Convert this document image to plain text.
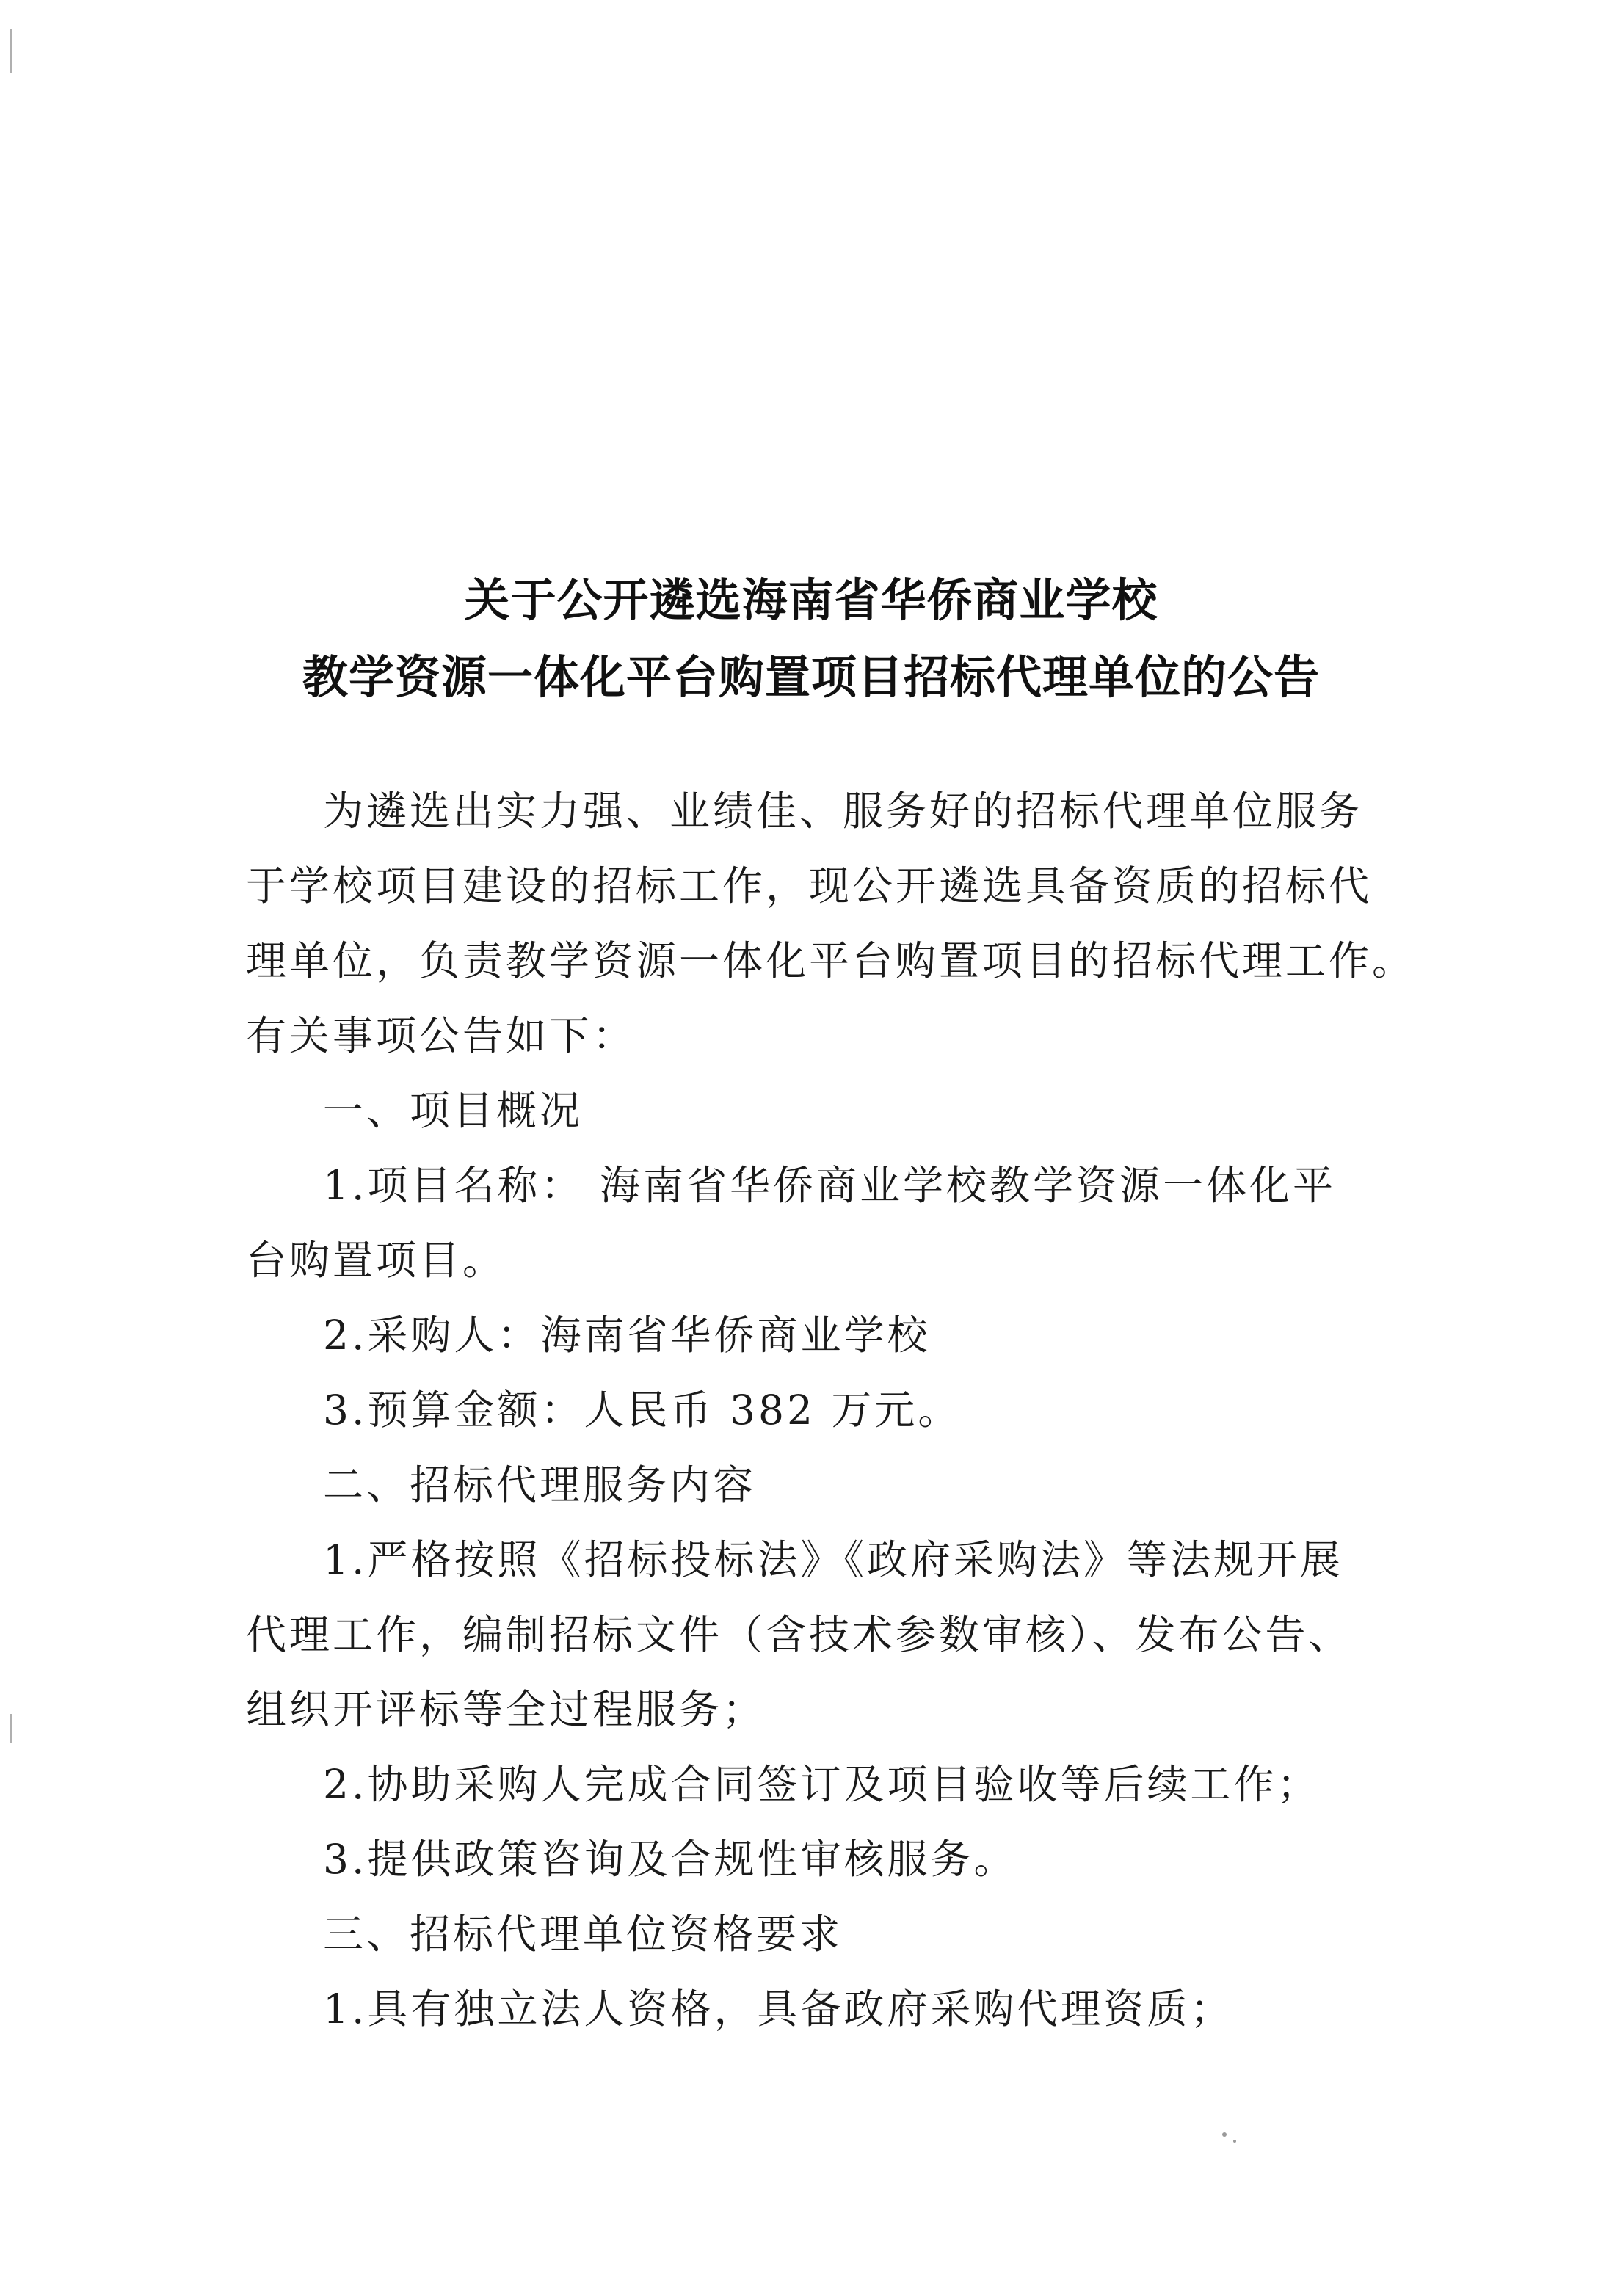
关于公开遴选海南省华侨商业学校
教学资源一体化平台购置项目招标代理单位的公告
为遴选出实力强、业绩佳、服务好的招标代理单位服务
于学校项目建设的招标工作，现公开遴选具备资质的招标代
理单位，负责教学资源一体化平台购置项目的招标代理工作。
有关事项公告如下：
一、项目概况
1.项目名称： 海南省华侨商业学校教学资源一体化平
台购置项目。
2.采购人：海南省华侨商业学校
3.预算金额：人民币 382 万元。
二、招标代理服务内容
1.严格按照《招标投标法》《政府采购法》等法规开展
代理工作，编制招标文件（含技术参数审核）、发布公告、
组织开评标等全过程服务；
2.协助采购人完成合同签订及项目验收等后续工作；
3.提供政策咨询及合规性审核服务。
三、招标代理单位资格要求
1.具有独立法人资格，具备政府采购代理资质；
